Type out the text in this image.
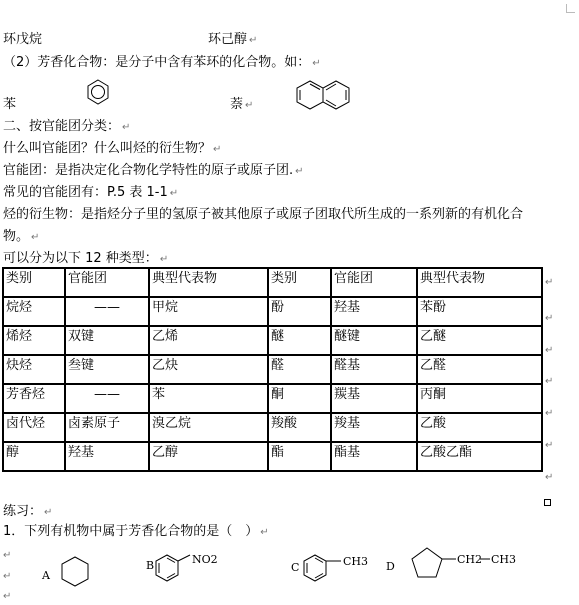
环戊烷	环己醇 ↵
（2）芳香化合物：是分子中含有苯环的化合物。如： ↵
苯	萘 ↵
二、按官能团分类： ↵
什么叫官能团？什么叫烃的衍生物？ ↵
官能团：是指决定化合物化学特性的原子或原子团. ↵
常见的官能团有：P.5 表 1-1 ↵
烃的衍生物：是指烃分子里的氢原子被其他原子或原子团取代所生成的一系列新的有机化合
物。 ↵
可以分为以下 12 种类型： ↵
类别	官能团	典型代表物	类别	官能团	典型代表物
烷烃	——	甲烷	酚	羟基	苯酚
烯烃	双键	乙烯	醚	醚键	乙醚
炔烃	叁键	乙炔	醛	醛基	乙醛
芳香烃	——	苯	酮	羰基	丙酮
卤代烃	卤素原子	溴乙烷	羧酸	羧基	乙酸
醇	羟基	乙醇	酯	酯基	乙酸乙酯
↵
↵
↵
↵
↵
↵
↵
练习： ↵
1．下列有机物中属于芳香化合物的是（　） ↵
↵
↵
↵
A
B	NO2
C	CH3 D
CH2 CH3
